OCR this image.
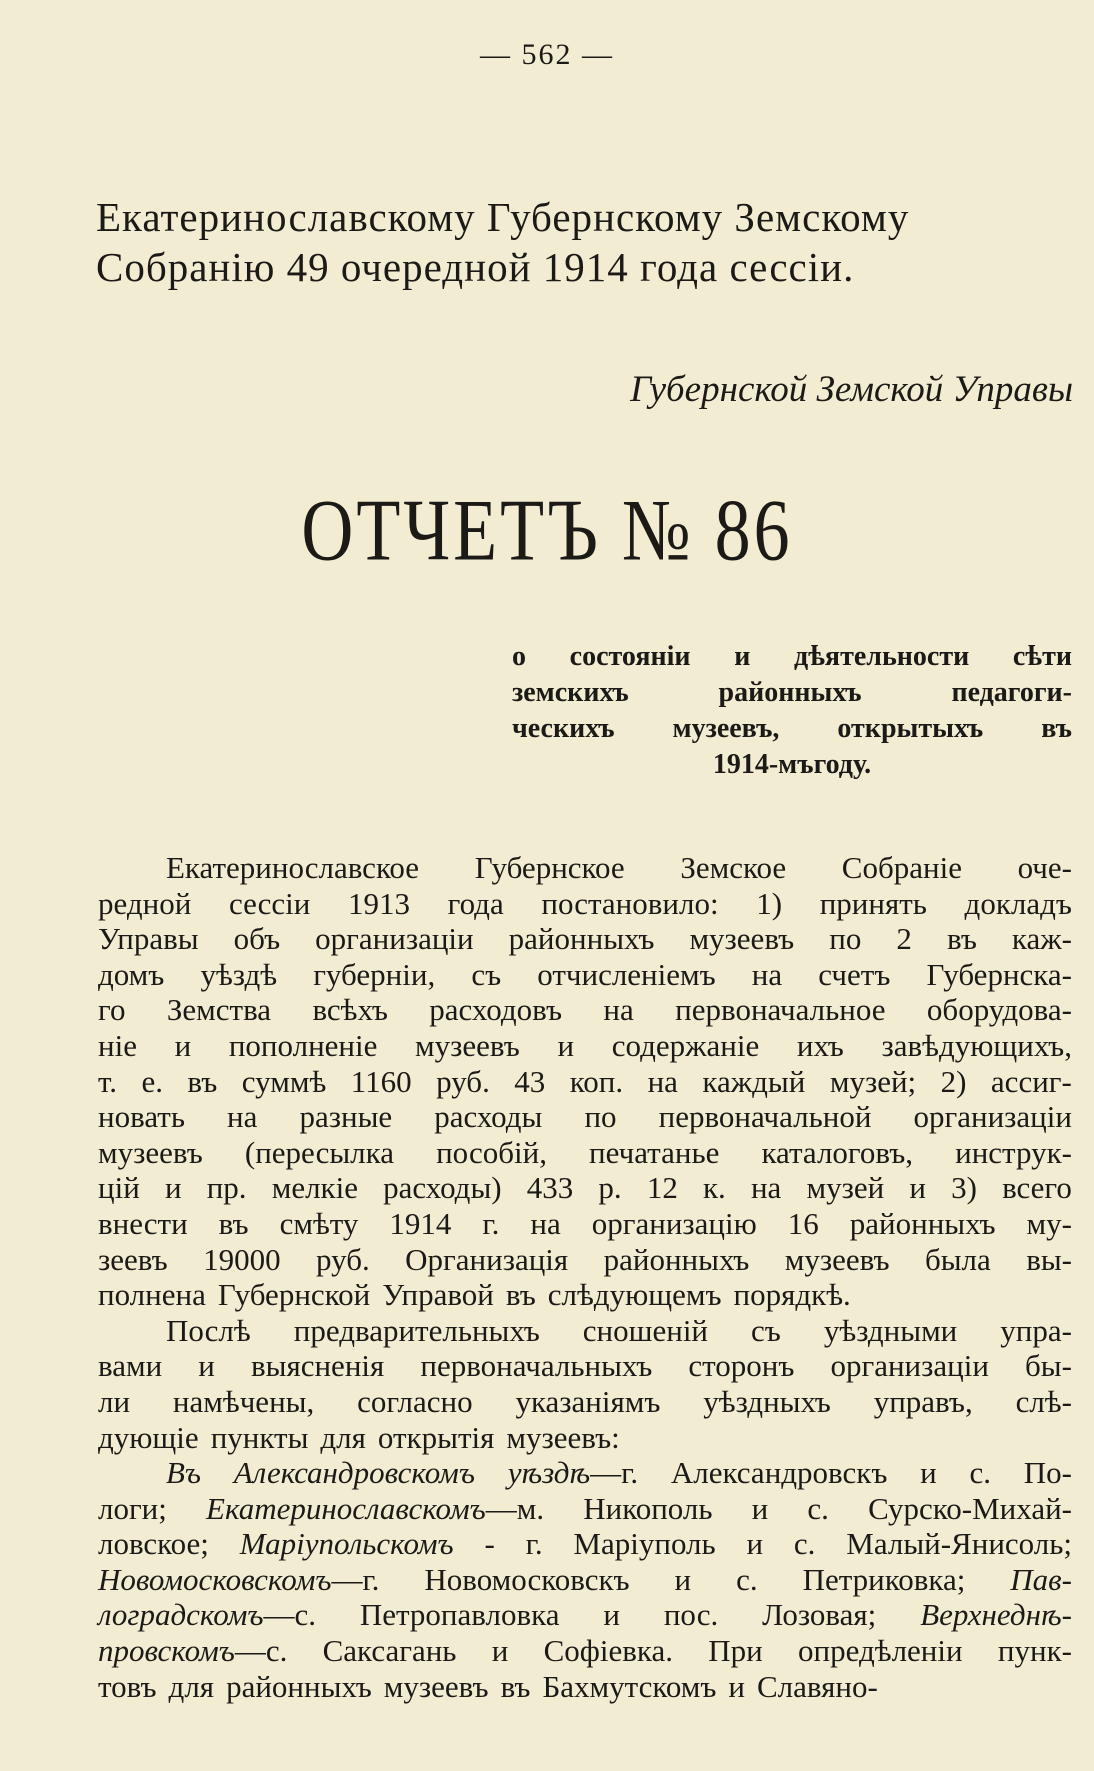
— 562 —
Екатеринославскому Губернскому Земскому
Собранію 49 очередной 1914 года сессіи.
Губернской Земской Управы
ОТЧЕТЪ № 86
о состояніи и дѣятельности сѣти
земскихъ	районныхъ	педагоги-
ческихъ музеевъ, открытыхъ въ
1914-мъ году.
Екатеринославское Губернское Земское Собраніе оче-
редной сессіи 1913 года постановило: 1) принять докладъ
Управы объ организаціи районныхъ музеевъ по 2 въ каж-
домъ уѣздѣ губерніи, съ отчисленіемъ на счетъ Губернска-
го Земства всѣхъ расходовъ на первоначальное оборудова-
ніе и пополненіе музеевъ и содержаніе ихъ завѣдующихъ,
т. е. въ суммѣ 1160 руб. 43 коп. на каждый музей; 2) ассиг-
новать на разные расходы по первоначальной организаціи
музеевъ (пересылка пособій, печатанье каталоговъ, инструк-
цій и пр. мелкіе расходы) 433 р. 12 к. на музей и 3) всего
внести въ смѣту 1914 г. на организацію 16 районныхъ му-
зеевъ 19000 руб. Организація районныхъ музеевъ была вы-
полнена Губернской Управой въ слѣдующемъ порядкѣ.
Послѣ предварительныхъ сношеній съ уѣздными упра-
вами и выясненія первоначальныхъ сторонъ организаціи бы-
ли намѣчены, согласно указаніямъ уѣздныхъ управъ, слѣ-
дующіе пункты для открытія музеевъ:
Въ Александровскомъ уѣздѣ—г. Александровскъ и с. По-
логи; Екатеринославскомъ—м. Никополь и с. Сурско-Михай-
ловское; Маріупольскомъ - г. Маріуполь и с. Малый-Янисоль;
Новомосковскомъ—г. Новомосковскъ и с. Петриковка; Пав-
лоградскомъ—с. Петропавловка и пос. Лозовая; Верхнеднѣ-
провскомъ—с. Саксагань и Софіевка. При опредѣленіи пунк-
товъ для районныхъ музеевъ въ Бахмутскомъ и Славяно-
